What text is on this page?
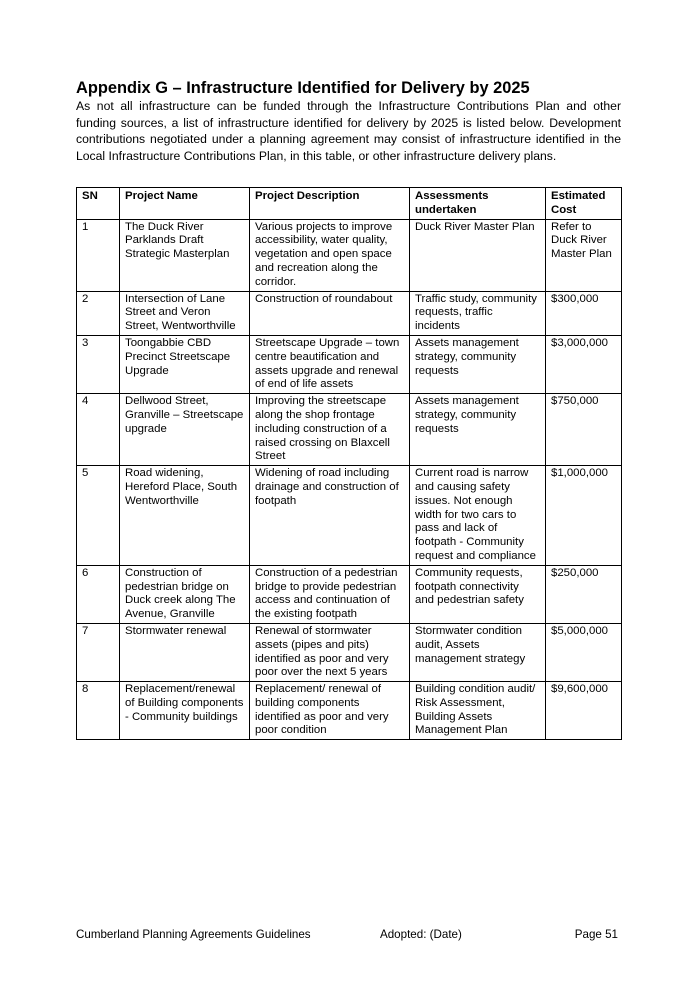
Appendix G – Infrastructure Identified for Delivery by 2025

As not all infrastructure can be funded through the Infrastructure Contributions Plan and other funding sources, a list of infrastructure identified for delivery by 2025 is listed below. Development contributions negotiated under a planning agreement may consist of infrastructure identified in the Local Infrastructure Contributions Plan, in this table, or other infrastructure delivery plans.

SN	Project Name	Project Description	Assessments undertaken	Estimated Cost
1	The Duck River Parklands Draft Strategic Masterplan	Various projects to improve accessibility, water quality, vegetation and open space and recreation along the corridor.	Duck River Master Plan	Refer to Duck River Master Plan
2	Intersection of Lane Street and Veron Street, Wentworthville	Construction of roundabout	Traffic study, community requests, traffic incidents	$300,000
3	Toongabbie CBD Precinct Streetscape Upgrade	Streetscape Upgrade – town centre beautification and assets upgrade and renewal of end of life assets	Assets management strategy, community requests	$3,000,000
4	Dellwood Street, Granville – Streetscape upgrade	Improving the streetscape along the shop frontage including construction of a raised crossing on Blaxcell Street	Assets management strategy, community requests	$750,000
5	Road widening, Hereford Place, South Wentworthville	Widening of road including drainage and construction of footpath	Current road is narrow and causing safety issues. Not enough width for two cars to pass and lack of footpath - Community request and compliance	$1,000,000
6	Construction of pedestrian bridge on Duck creek along The Avenue, Granville	Construction of a pedestrian bridge to provide pedestrian access and continuation of the existing footpath	Community requests, footpath connectivity and pedestrian safety	$250,000
7	Stormwater renewal	Renewal of stormwater assets (pipes and pits) identified as poor and very poor over the next 5 years	Stormwater condition audit, Assets management strategy	$5,000,000
8	Replacement/renewal of Building components - Community buildings	Replacement/ renewal of building components identified as poor and very poor condition	Building condition audit/ Risk Assessment, Building Assets Management Plan	$9,600,000
Cumberland Planning Agreements Guidelines	Adopted: (Date)	Page 51
